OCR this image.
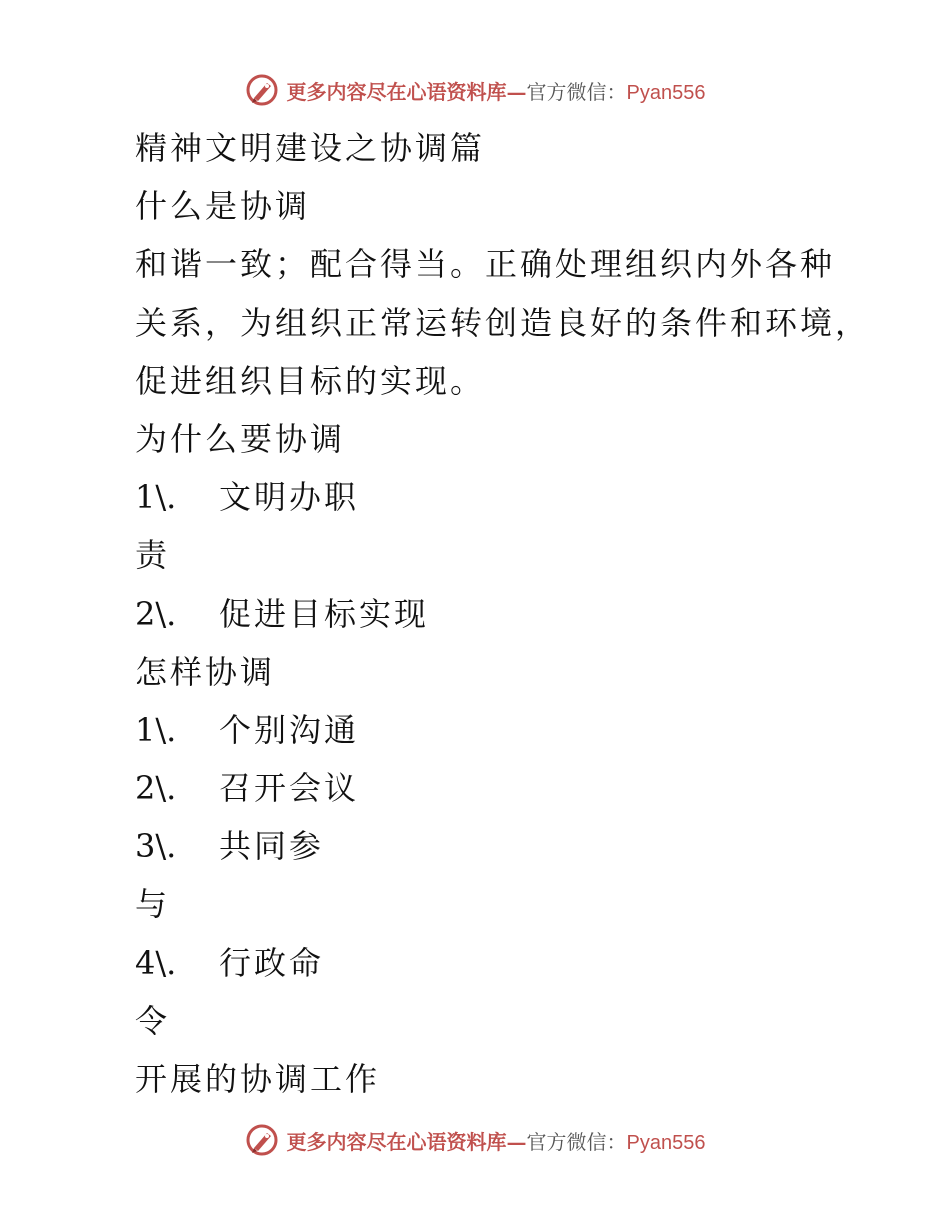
更多内容尽在心语资料库— 官方微信： Pyan556
精神文明建设之协调篇
什么是协调
和谐一致；配合得当。正确处理组织内外各种
关系，为组织正常运转创造良好的条件和环境，
促进组织目标的实现。
为什么要协调
1\. 文明办职
责
2\. 促进目标实现
怎样协调
1\. 个别沟通
2\. 召开会议
3\. 共同参
与
4\. 行政命
令
开展的协调工作
更多内容尽在心语资料库— 官方微信： Pyan556
